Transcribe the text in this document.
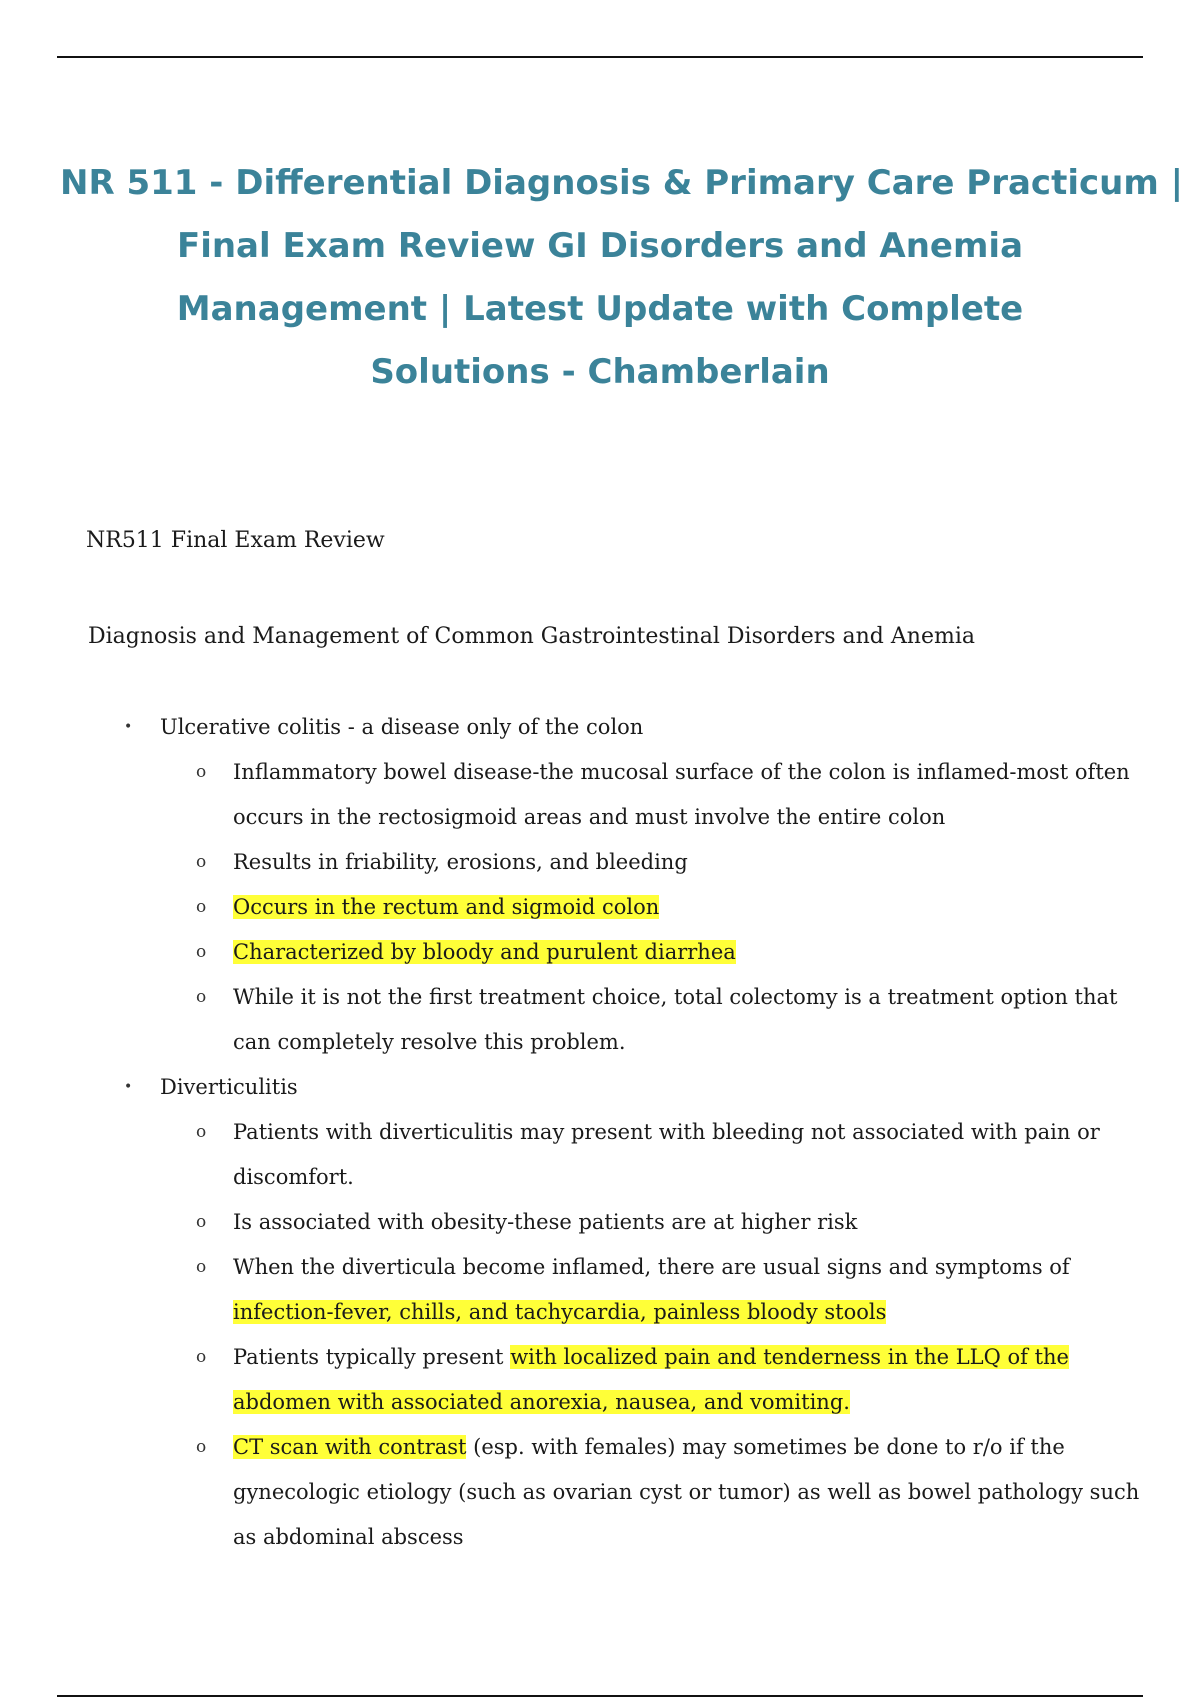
NR 511 - Differential Diagnosis & Primary Care Practicum |
Final Exam Review GI Disorders and Anemia
Management | Latest Update with Complete
Solutions - Chamberlain
NR511 Final Exam Review
Diagnosis and Management of Common Gastrointestinal Disorders and Anemia
• Ulcerative colitis - a disease only of the colon
o Inflammatory bowel disease-the mucosal surface of the colon is inflamed-most often occurs in the rectosigmoid areas and must involve the entire colon
o Results in friability, erosions, and bleeding
o Occurs in the rectum and sigmoid colon
o Characterized by bloody and purulent diarrhea
o While it is not the first treatment choice, total colectomy is a treatment option that can completely resolve this problem.
• Diverticulitis
o Patients with diverticulitis may present with bleeding not associated with pain or discomfort.
o Is associated with obesity-these patients are at higher risk
o When the diverticula become inflamed, there are usual signs and symptoms of infection-fever, chills, and tachycardia, painless bloody stools
o Patients typically present with localized pain and tenderness in the LLQ of the abdomen with associated anorexia, nausea, and vomiting.
o CT scan with contrast (esp. with females) may sometimes be done to r/o if the gynecologic etiology (such as ovarian cyst or tumor) as well as bowel pathology such as abdominal abscess
